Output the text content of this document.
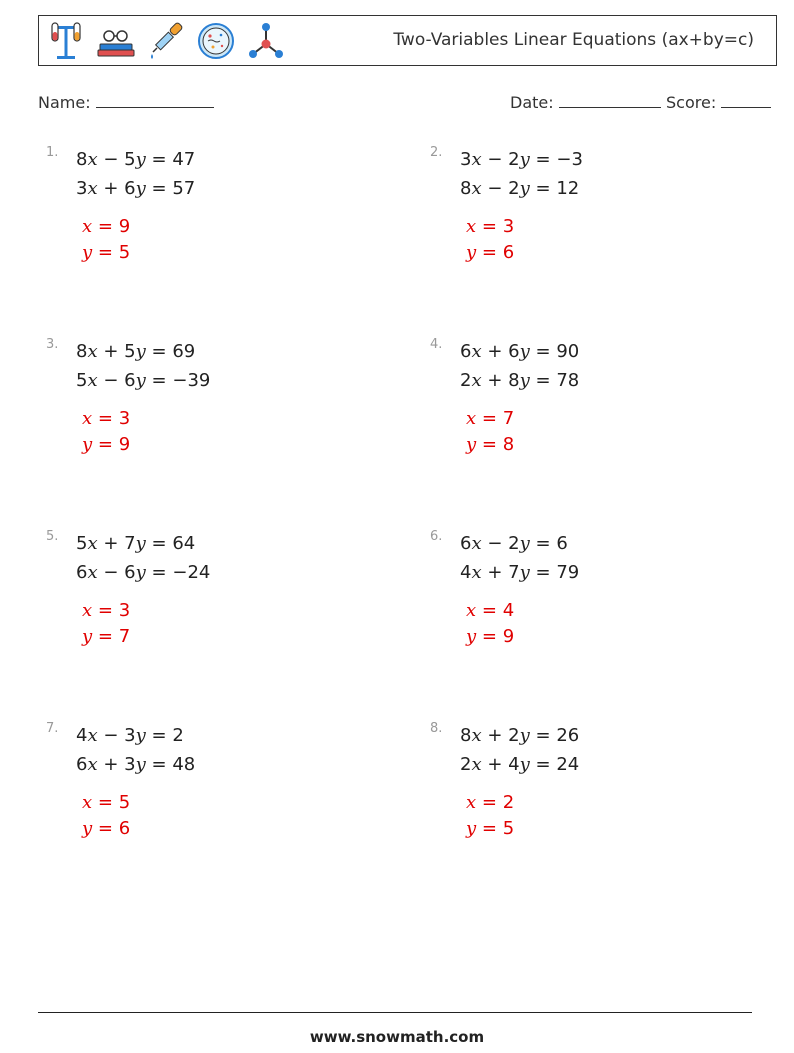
Two-Variables Linear Equations (ax+by=c)
Name:	Date:	Score:
1. 8x − 5y = 47
3x + 6y = 57
x = 9
y = 5
2. 3x − 2y = −3
8x − 2y = 12
x = 3
y = 6
3. 8x + 5y = 69
5x − 6y = −39
x = 3
y = 9
4. 6x + 6y = 90
2x + 8y = 78
x = 7
y = 8
5. 5x + 7y = 64
6x − 6y = −24
x = 3
y = 7
6. 6x − 2y = 6
4x + 7y = 79
x = 4
y = 9
7. 4x − 3y = 2
6x + 3y = 48
x = 5
y = 6
8. 8x + 2y = 26
2x + 4y = 24
x = 2
y = 5
www.snowmath.com
